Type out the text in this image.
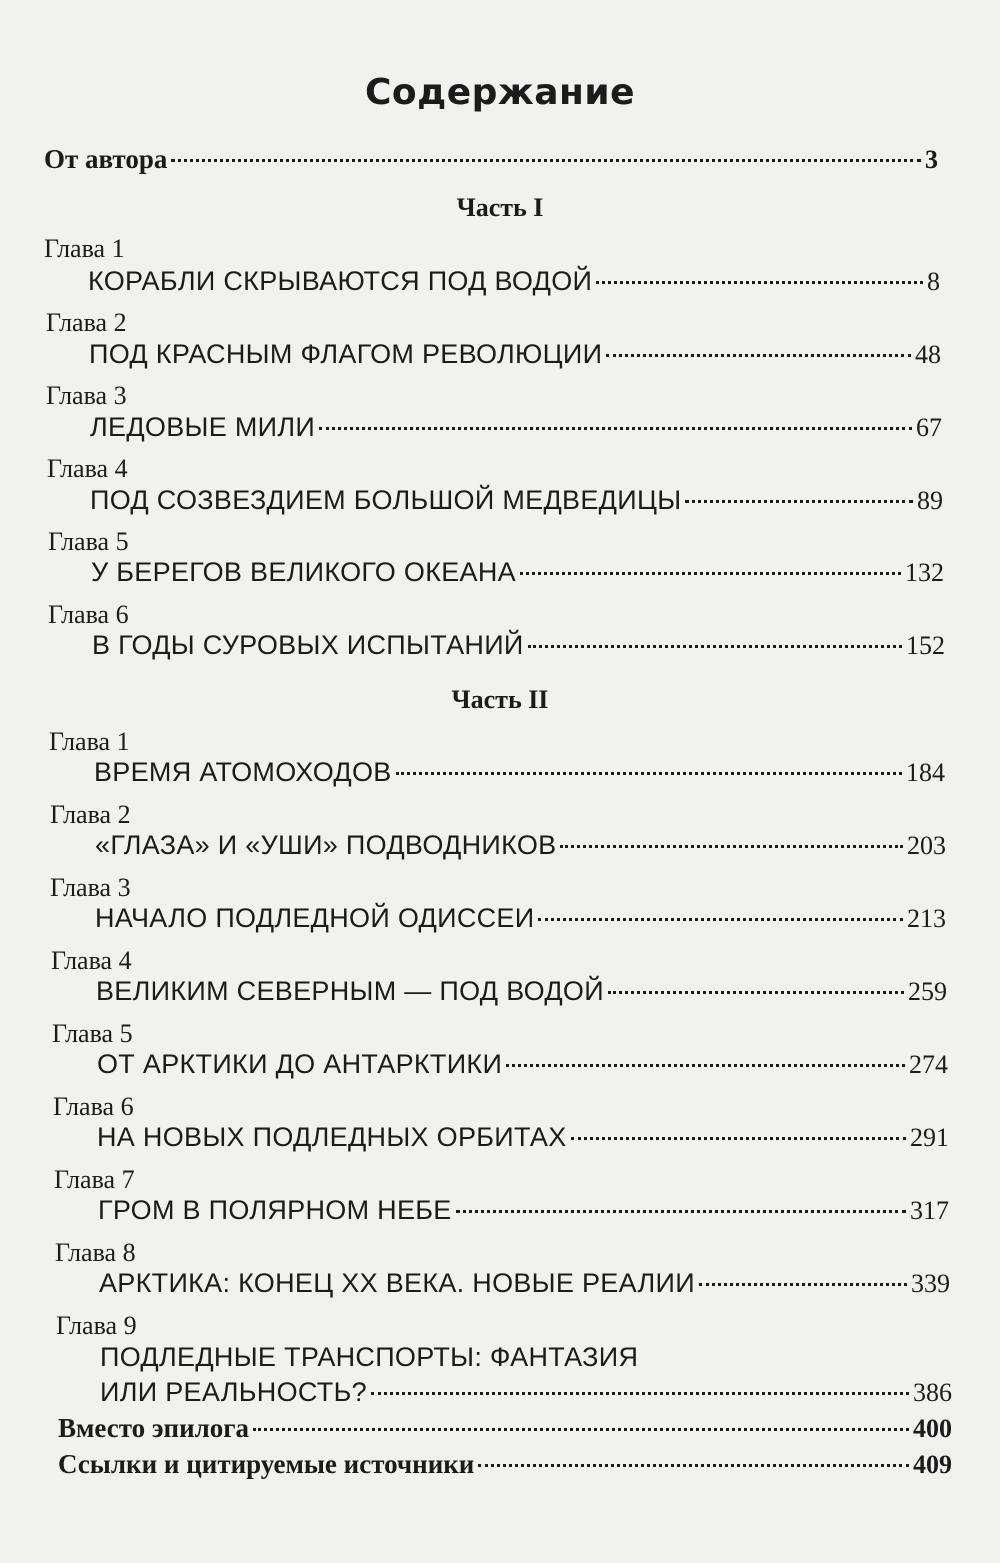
Содержание
От автора	3
Часть I
Глава 1
КОРАБЛИ СКРЫВАЮТСЯ ПОД ВОДОЙ	8
Глава 2
ПОД КРАСНЫМ ФЛАГОМ РЕВОЛЮЦИИ	48
Глава 3
ЛЕДОВЫЕ МИЛИ	67
Глава 4
ПОД СОЗВЕЗДИЕМ БОЛЬШОЙ МЕДВЕДИЦЫ	89
Глава 5
У БЕРЕГОВ ВЕЛИКОГО ОКЕАНА	132
Глава 6
В ГОДЫ СУРОВЫХ ИСПЫТАНИЙ	152
Часть II
Глава 1
ВРЕМЯ АТОМОХОДОВ	184
Глава 2
«ГЛАЗА» И «УШИ» ПОДВОДНИКОВ	203
Глава 3
НАЧАЛО ПОДЛЕДНОЙ ОДИССЕИ	213
Глава 4
ВЕЛИКИМ СЕВЕРНЫМ — ПОД ВОДОЙ	259
Глава 5
ОТ АРКТИКИ ДО АНТАРКТИКИ	274
Глава 6
НА НОВЫХ ПОДЛЕДНЫХ ОРБИТАХ	291
Глава 7
ГРОМ В ПОЛЯРНОМ НЕБЕ	317
Глава 8
АРКТИКА: КОНЕЦ XX ВЕКА. НОВЫЕ РЕАЛИИ	339
Глава 9
ПОДЛЕДНЫЕ ТРАНСПОРТЫ: ФАНТАЗИЯ
ИЛИ РЕАЛЬНОСТЬ?	386
Вместо эпилога	400
Ссылки и цитируемые источники	409
